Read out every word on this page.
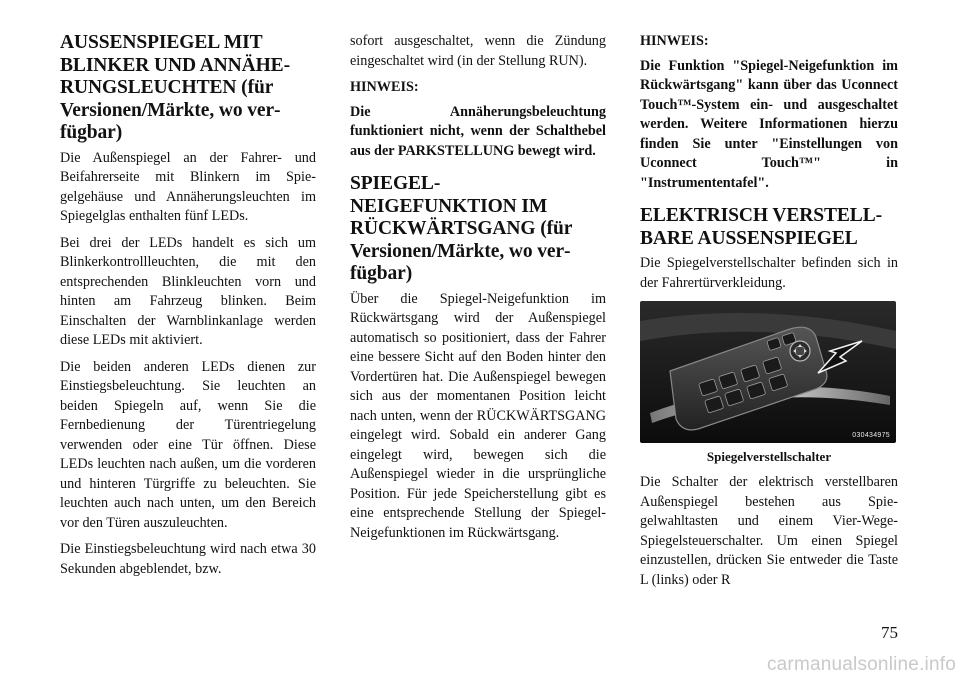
AUSSENSPIEGEL MIT BLINKER UND ANNÄHERUNGSLEUCHTEN (für Versionen/Märkte, wo verfügbar)

Die Außenspiegel an der Fahrer- und Beifahrerseite mit Blinkern im Spiegelgehäuse und Annäherungsleuchten im Spiegelglas enthalten fünf LEDs.

Bei drei der LEDs handelt es sich um Blinkerkontrollleuchten, die mit den entsprechenden Blinkleuchten vorn und hinten am Fahrzeug blinken. Beim Einschalten der Warnblinkanlage werden diese LEDs mit aktiviert.

Die beiden anderen LEDs dienen zur Einstiegsbeleuchtung. Sie leuchten an beiden Spiegeln auf, wenn Sie die Fernbedienung der Türentriegelung verwenden oder eine Tür öffnen. Diese LEDs leuchten nach außen, um die vorderen und hinteren Türgriffe zu beleuchten. Sie leuchten auch nach unten, um den Bereich vor den Türen auszuleuchten.

Die Einstiegsbeleuchtung wird nach etwa 30 Sekunden abgeblendet, bzw.

sofort ausgeschaltet, wenn die Zündung eingeschaltet wird (in der Stellung RUN).

HINWEIS:

Die Annäherungsbeleuchtung funktioniert nicht, wenn der Schalthebel aus der PARKSTELLUNG bewegt wird.

SPIEGEL-NEIGEFUNKTION IM RÜCKWÄRTSGANG (für Versionen/Märkte, wo verfügbar)

Über die Spiegel-Neigefunktion im Rückwärtsgang wird der Außenspiegel automatisch so positioniert, dass der Fahrer eine bessere Sicht auf den Boden hinter den Vordertüren hat. Die Außenspiegel bewegen sich aus der momentanen Position leicht nach unten, wenn der RÜCKWÄRTSGANG eingelegt wird. Sobald ein anderer Gang eingelegt wird, bewegen sich die Außenspiegel wieder in die ursprüngliche Position. Für jede Speicherstellung gibt es eine entsprechende Stellung der Spiegel-Neigefunktionen im Rückwärtsgang.

HINWEIS:

Die Funktion "Spiegel-Neigefunktion im Rückwärtsgang" kann über das Uconnect Touch™-System ein- und ausgeschaltet werden. Weitere Informationen hierzu finden Sie unter "Einstellungen von Uconnect Touch™" in "Instrumententafel".

ELEKTRISCH VERSTELLBARE AUSSENSPIEGEL

Die Spiegelverstellschalter befinden sich in der Fahrertürverkleidung.

030434975
Spiegelverstellschalter

Die Schalter der elektrisch verstellbaren Außenspiegel bestehen aus Spiegelwahltasten und einem Vier-Wege-Spiegelsteuerschalter. Um einen Spiegel einzustellen, drücken Sie entweder die Taste L (links) oder R

75
carmanualsonline.info
